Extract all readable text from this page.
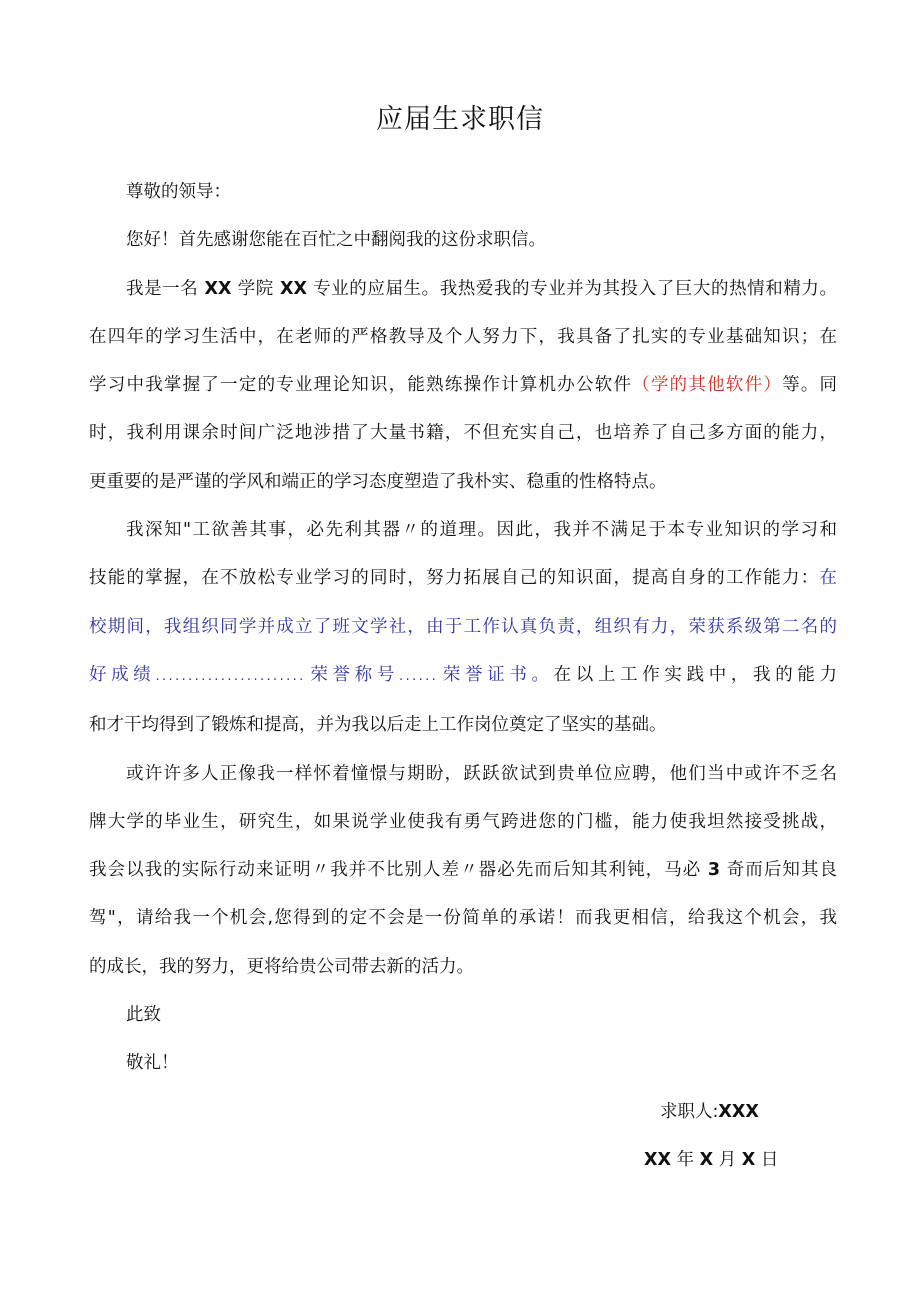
应届生求职信
尊敬的领导：
您好！首先感谢您能在百忙之中翻阅我的这份求职信。
我是一名 XX 学院 XX 专业的应届生。我热爱我的专业并为其投入了巨大的热情和精力。
在四年的学习生活中，在老师的严格教导及个人努力下，我具备了扎实的专业基础知识；在
学习中我掌握了一定的专业理论知识，能熟练操作计算机办公软件（学的其他软件）等。同
时，我利用课余时间广泛地涉措了大量书籍，不但充实自己，也培养了自己多方面的能力，
更重要的是严谨的学风和端正的学习态度塑造了我朴实、稳重的性格特点。
我深知"工欲善其事，必先利其器〃的道理。因此，我并不满足于本专业知识的学习和
技能的掌握，在不放松专业学习的同时，努力拓展自己的知识面，提高自身的工作能力：在
校期间，我组织同学并成立了班文学社，由于工作认真负责，组织有力，荣获系级第二名的
好成绩.......................荣誉称号......荣誉证书。在以上工作实践中，我的能力
和才干均得到了锻炼和提高，并为我以后走上工作岗位奠定了坚实的基础。
或许许多人正像我一样怀着憧憬与期盼，跃跃欲试到贵单位应聘，他们当中或许不乏名
牌大学的毕业生，研究生，如果说学业使我有勇气跨进您的门槛，能力使我坦然接受挑战，
我会以我的实际行动来证明〃我并不比别人差〃器必先而后知其利钝，马必 3 奇而后知其良
驾"，请给我一个机会,您得到的定不会是一份简单的承诺！而我更相信，给我这个机会，我
的成长，我的努力，更将给贵公司带去新的活力。
此致
敬礼！
求职人:XXX
XX 年 X 月 X 日
